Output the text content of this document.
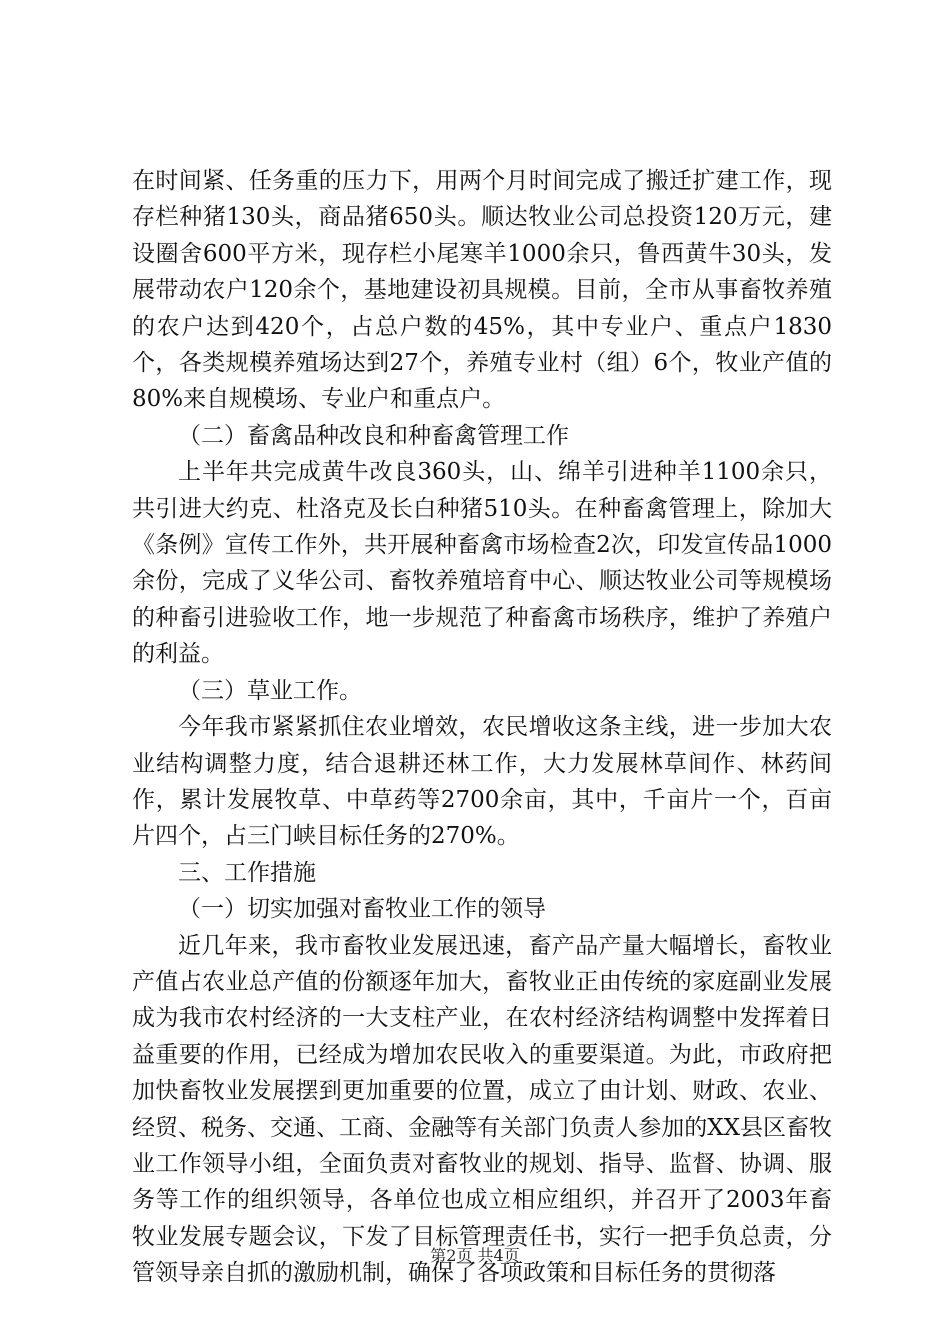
在时间紧、任务重的压力下，用两个月时间完成了搬迁扩建工作，现存栏种猪130头，商品猪650头。顺达牧业公司总投资120万元，建设圈舍600平方米，现存栏小尾寒羊1000余只，鲁西黄牛30头，发展带动农户120余个，基地建设初具规模。目前，全市从事畜牧养殖的农户达到420个，占总户数的45%，其中专业户、重点户1830个，各类规模养殖场达到27个，养殖专业村（组）6个，牧业产值的80%来自规模场、专业户和重点户。

（二）畜禽品种改良和种畜禽管理工作

上半年共完成黄牛改良360头，山、绵羊引进种羊1100余只，共引进大约克、杜洛克及长白种猪510头。在种畜禽管理上，除加大《条例》宣传工作外，共开展种畜禽市场检查2次，印发宣传品1000余份，完成了义华公司、畜牧养殖培育中心、顺达牧业公司等规模场的种畜引进验收工作，地一步规范了种畜禽市场秩序，维护了养殖户的利益。

（三）草业工作。

今年我市紧紧抓住农业增效，农民增收这条主线，进一步加大农业结构调整力度，结合退耕还林工作，大力发展林草间作、林药间作，累计发展牧草、中草药等2700余亩，其中，千亩片一个，百亩片四个，占三门峡目标任务的270%。

三、工作措施

（一）切实加强对畜牧业工作的领导

近几年来，我市畜牧业发展迅速，畜产品产量大幅增长，畜牧业产值占农业总产值的份额逐年加大，畜牧业正由传统的家庭副业发展成为我市农村经济的一大支柱产业，在农村经济结构调整中发挥着日益重要的作用，已经成为增加农民收入的重要渠道。为此，市政府把加快畜牧业发展摆到更加重要的位置，成立了由计划、财政、农业、经贸、税务、交通、工商、金融等有关部门负责人参加的XX县区畜牧业工作领导小组，全面负责对畜牧业的规划、指导、监督、协调、服务等工作的组织领导，各单位也成立相应组织，并召开了2003年畜牧业发展专题会议，下发了目标管理责任书，实行一把手负总责，分管领导亲自抓的激励机制，确保了各项政策和目标任务的贯彻落

第2页 共4页
